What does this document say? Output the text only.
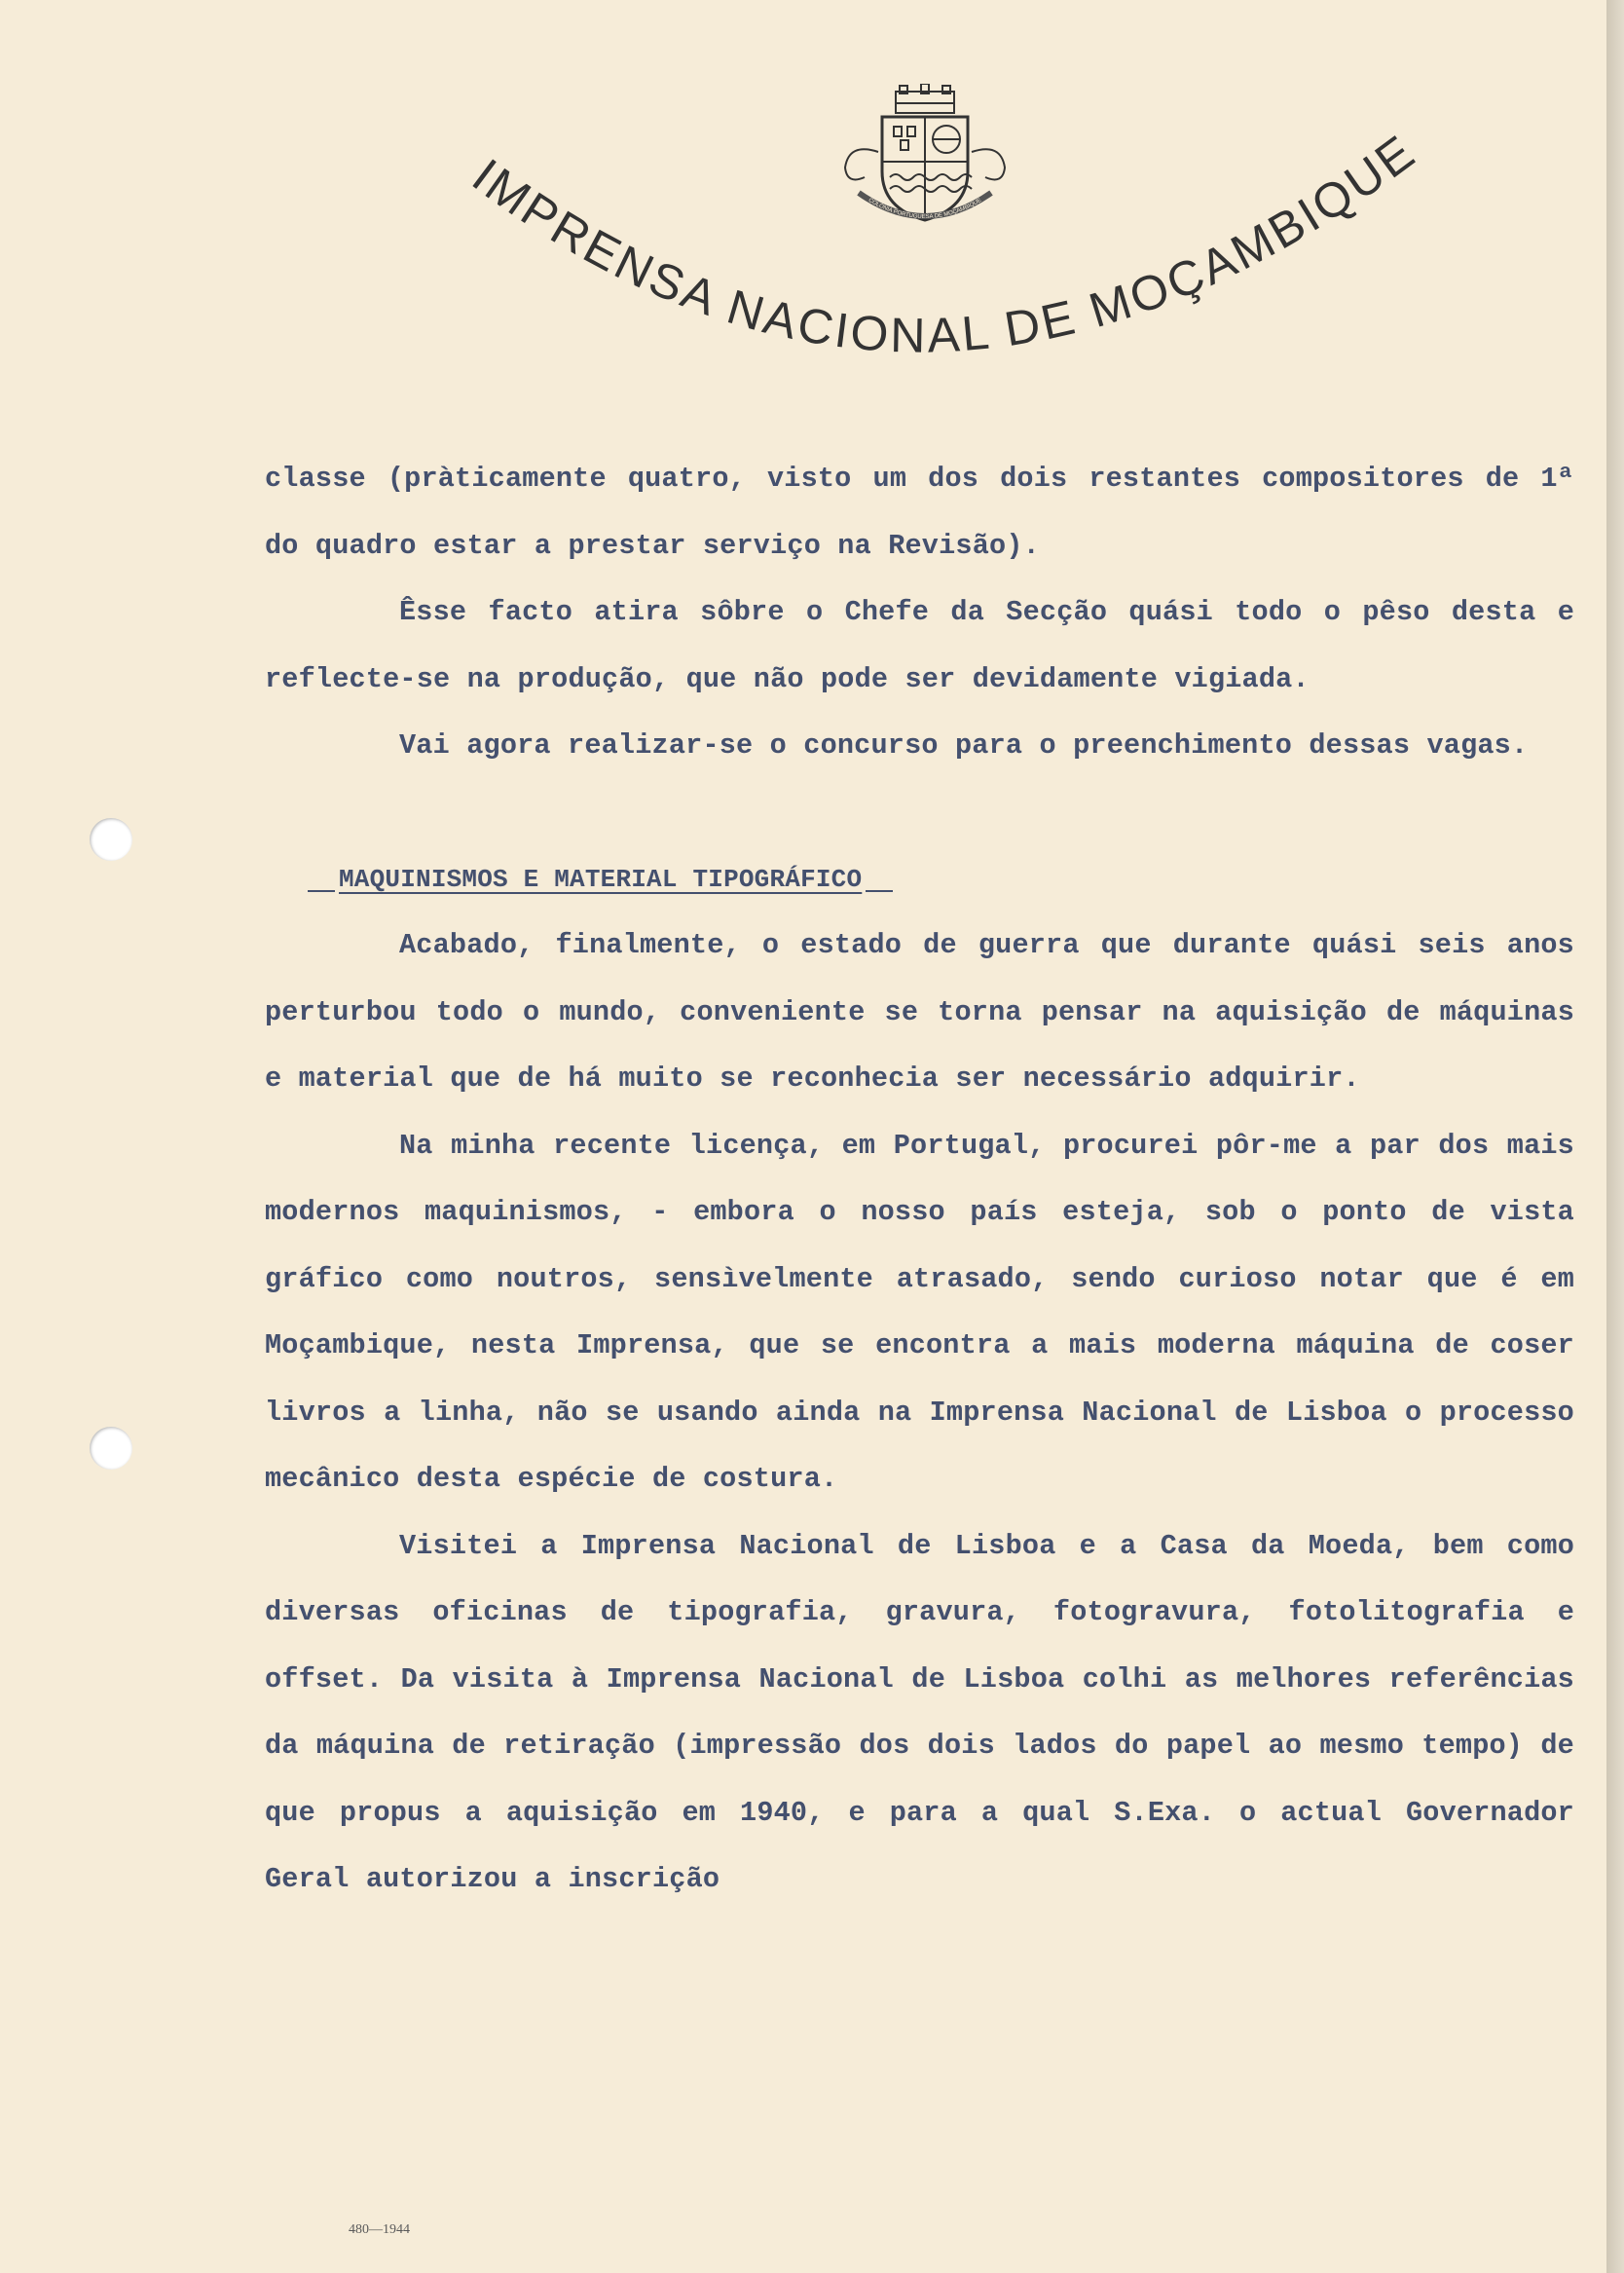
IMPRENSA NACIONAL DE MOÇAMBIQUE
COLÓNIA PORTUGUESA DE MOÇAMBIQUE

classe (pràticamente quatro, visto um dos dois restantes compositores de 1ª do quadro estar a prestar serviço na Revisão).

Êsse facto atira sôbre o Chefe da Secção quási todo o pêso desta e reflecte-se na produção, que não pode ser devidamente vigiada.

Vai agora realizar-se o concurso para o preenchimento dessas vagas.

MAQUINISMOS E MATERIAL TIPOGRÁFICO

Acabado, finalmente, o estado de guerra que durante quási seis anos perturbou todo o mundo, conveniente se torna pensar na aquisição de máquinas e material que de há muito se reconhecia ser necessário adquirir.

Na minha recente licença, em Portugal, procurei pôr-me a par dos mais modernos maquinismos, - embora o nosso país esteja, sob o ponto de vista gráfico como noutros, sensìvelmente atrasado, sendo curioso notar que é em Moçambique, nesta Imprensa, que se encontra a mais moderna máquina de coser livros a linha, não se usando ainda na Imprensa Nacional de Lisboa o processo mecânico desta espécie de costura.

Visitei a Imprensa Nacional de Lisboa e a Casa da Moeda, bem como diversas oficinas de tipografia, gravura, fotogravura, fotolitografia e offset. Da visita à Imprensa Nacional de Lisboa colhi as melhores referências da máquina de retiração (impressão dos dois lados do papel ao mesmo tempo) de que propus a aquisição em 1940, e para a qual S.Exa. o actual Governador Geral autorizou a inscrição

480—1944
